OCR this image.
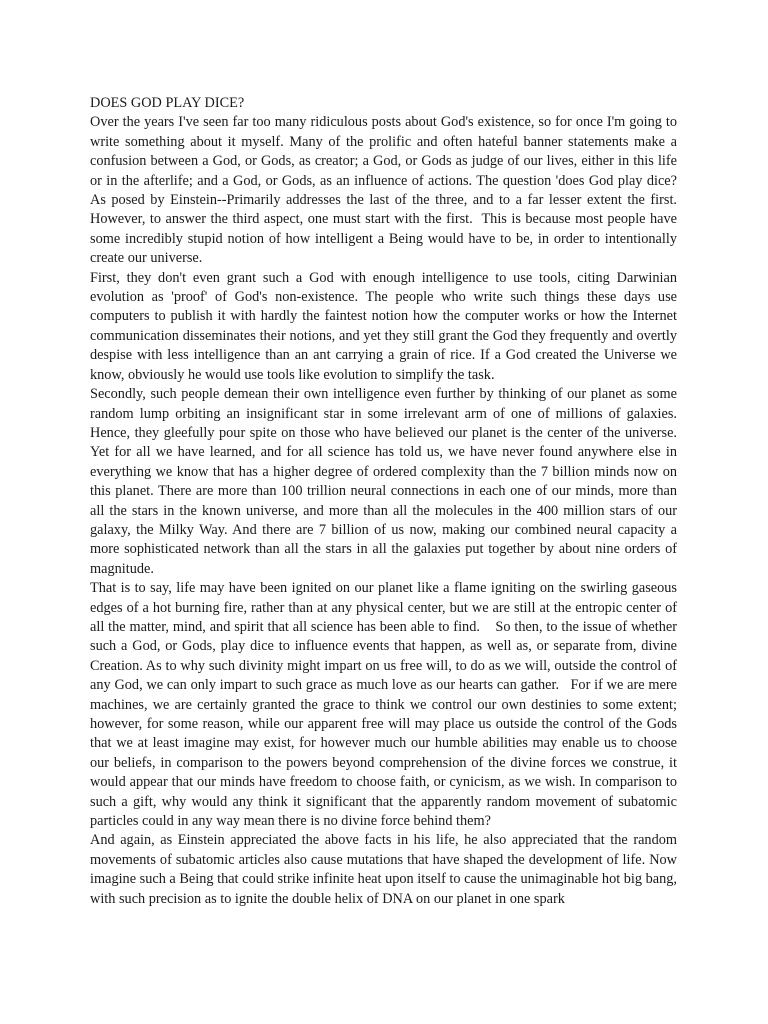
DOES GOD PLAY DICE?

Over the years I've seen far too many ridiculous posts about God's existence, so for once I'm going to write something about it myself. Many of the prolific and often hateful banner statements make a confusion between a God, or Gods, as creator; a God, or Gods as judge of our lives, either in this life or in the afterlife; and a God, or Gods, as an influence of actions. The question 'does God play dice? As posed by Einstein--Primarily addresses the last of the three, and to a far lesser extent the first. However, to answer the third aspect, one must start with the first.  This is because most people have some incredibly stupid notion of how intelligent a Being would have to be, in order to intentionally create our universe.

First, they don't even grant such a God with enough intelligence to use tools, citing Darwinian evolution as 'proof' of God's non-existence. The people who write such things these days use computers to publish it with hardly the faintest notion how the computer works or how the Internet communication disseminates their notions, and yet they still grant the God they frequently and overtly despise with less intelligence than an ant carrying a grain of rice. If a God created the Universe we know, obviously he would use tools like evolution to simplify the task.

Secondly, such people demean their own intelligence even further by thinking of our planet as some random lump orbiting an insignificant star in some irrelevant arm of one of millions of galaxies. Hence, they gleefully pour spite on those who have believed our planet is the center of the universe.   Yet for all we have learned, and for all science has told us, we have never found anywhere else in everything we know that has a higher degree of ordered complexity than the 7 billion minds now on this planet. There are more than 100 trillion neural connections in each one of our minds, more than all the stars in the known universe, and more than all the molecules in the 400 million stars of our galaxy, the Milky Way. And there are 7 billion of us now, making our combined neural capacity a more sophisticated network than all the stars in all the galaxies put together by about nine orders of magnitude.

That is to say, life may have been ignited on our planet like a flame igniting on the swirling gaseous edges of a hot burning fire, rather than at any physical center, but we are still at the entropic center of all the matter, mind, and spirit that all science has been able to find.    So then, to the issue of whether such a God, or Gods, play dice to influence events that happen, as well as, or separate from, divine Creation. As to why such divinity might impart on us free will, to do as we will, outside the control of any God, we can only impart to such grace as much love as our hearts can gather.   For if we are mere machines, we are certainly granted the grace to think we control our own destinies to some extent; however, for some reason, while our apparent free will may place us outside the control of the Gods that we at least imagine may exist, for however much our humble abilities may enable us to choose our beliefs, in comparison to the powers beyond comprehension of the divine forces we construe, it would appear that our minds have freedom to choose faith, or cynicism, as we wish. In comparison to such a gift, why would any think it significant that the apparently random movement of subatomic particles could in any way mean there is no divine force behind them?

And again, as Einstein appreciated the above facts in his life, he also appreciated that the random movements of subatomic articles also cause mutations that have shaped the development of life. Now imagine such a Being that could strike infinite heat upon itself to cause the unimaginable hot big bang, with such precision as to ignite the double helix of DNA on our planet in one spark
